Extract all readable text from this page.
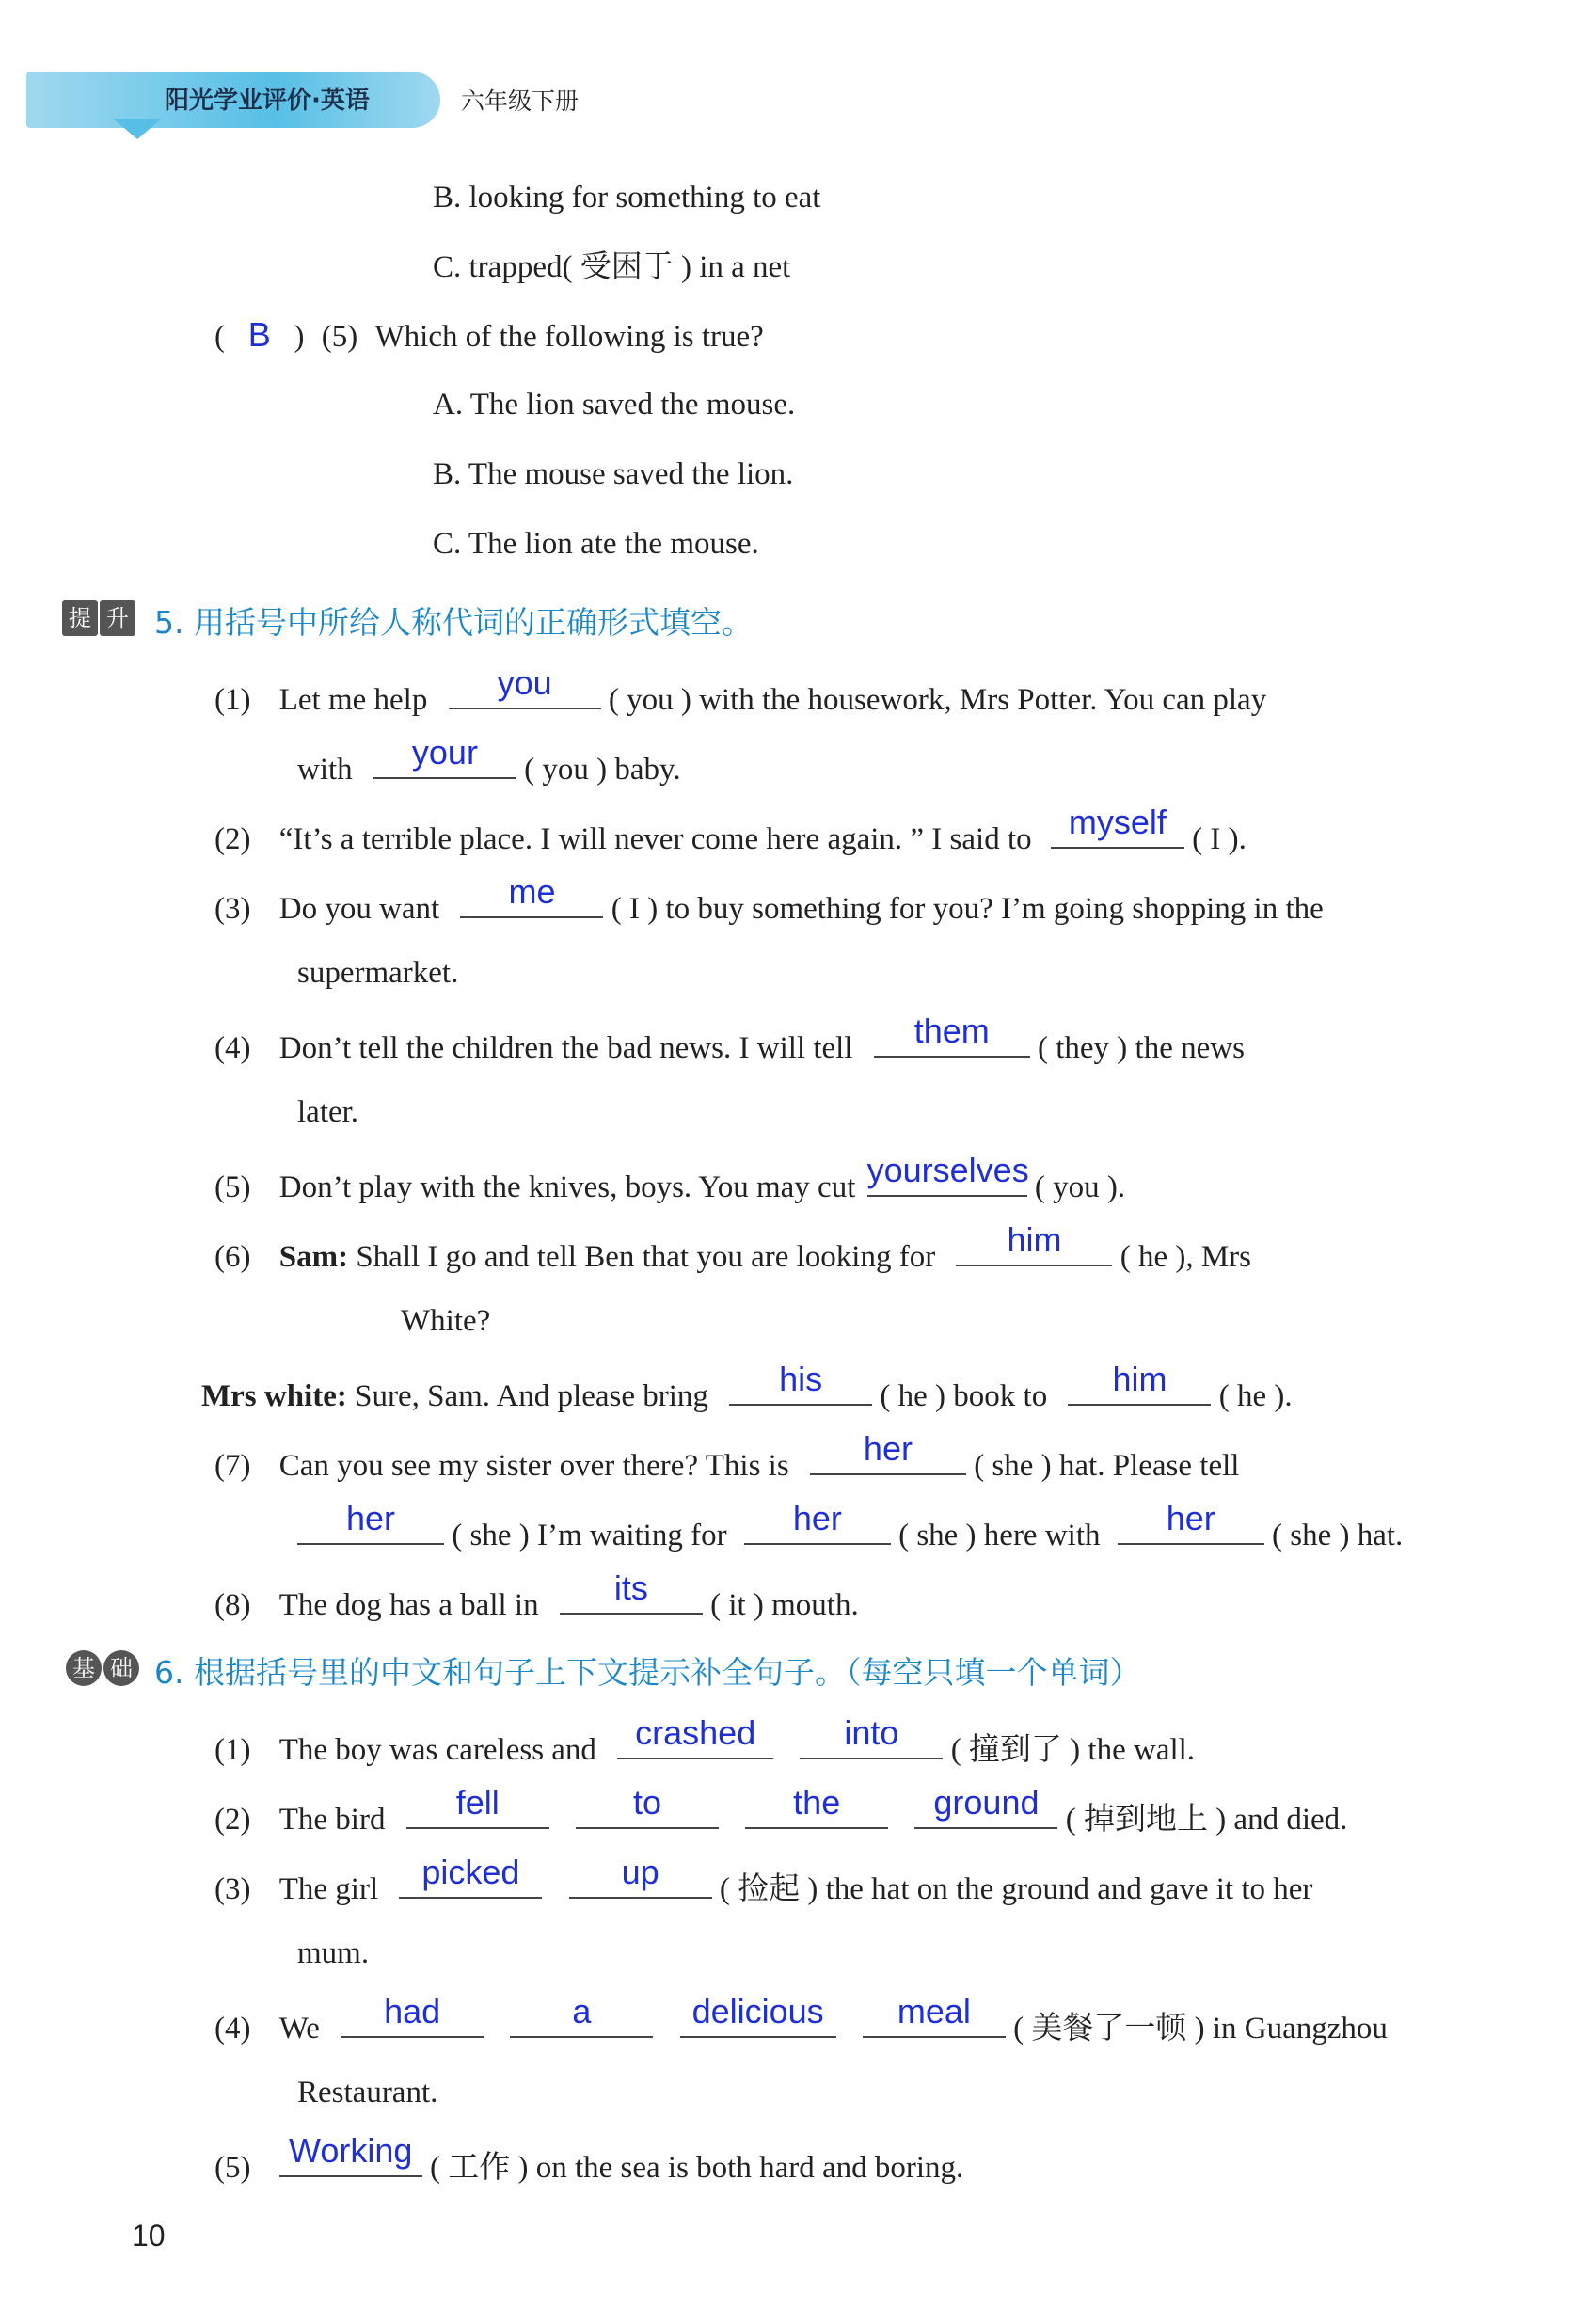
阳光学业评价·英语	六年级下册
B. looking for something to eat
C. trapped( 受困于 ) in a net
(   B   ) (5) Which of the following is true?
A. The lion saved the mouse.
B. The mouse saved the lion.
C. The lion ate the mouse.
提 升 5. 用括号中所给人称代词的正确形式填空。
(1) Let me help	you	( you ) with the housework, Mrs Potter. You can play
with	your	( you ) baby.
(2) “It’s a terrible place. I will never come here again. ” I said to	myself ( I ).
(3) Do you want	me	( I ) to buy something for you? I’m going shopping in the
supermarket.
(4) Don’t tell the children the bad news. I will tell	them	( they ) the news
later.
(5) Don’t play with the knives, boys. You may cut yourselves ( you ).
(6) Sam: Shall I go and tell Ben that you are looking for	him	( he ), Mrs
White?
Mrs white: Sure, Sam. And please bring	his	( he ) book to	him	( he ).
(7) Can you see my sister over there? This is	her	( she ) hat. Please tell
her	( she ) I’m waiting for	her	( she ) here with	her	( she ) hat.
(8) The dog has a ball in	its	( it ) mouth.
基 础 6. 根据括号里的中文和句子上下文提示补全句子。（每空只填一个单词）
(1) The boy was careless and	crashed
	into	( 撞到了 ) the wall.
(2) The bird	fell
	to
	the
	ground ( 掉到地上 ) and died.
(3) The girl	picked
	up	( 捡起 ) the hat on the ground and gave it to her
mum.
(4) We	had
	a
	delicious
	meal	( 美餐了一顿 ) in Guangzhou
Restaurant.
(5) Working ( 工作 ) on the sea is both hard and boring.
10
